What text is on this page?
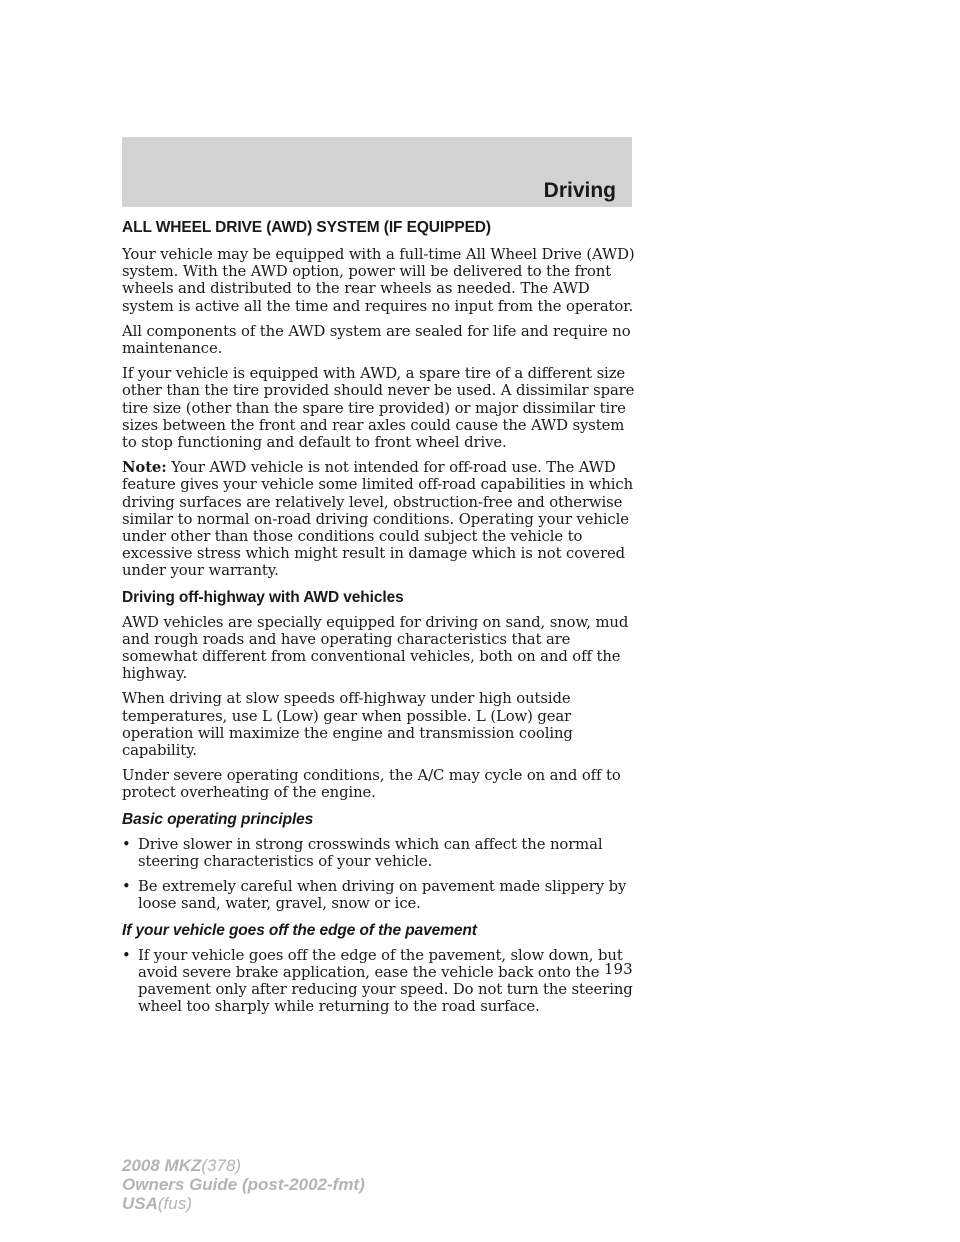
Driving
ALL WHEEL DRIVE (AWD) SYSTEM (IF EQUIPPED)

Your vehicle may be equipped with a full-time All Wheel Drive (AWD) system. With the AWD option, power will be delivered to the front wheels and distributed to the rear wheels as needed. The AWD system is active all the time and requires no input from the operator.

All components of the AWD system are sealed for life and require no maintenance.

If your vehicle is equipped with AWD, a spare tire of a different size other than the tire provided should never be used. A dissimilar spare tire size (other than the spare tire provided) or major dissimilar tire sizes between the front and rear axles could cause the AWD system to stop functioning and default to front wheel drive.

Note: Your AWD vehicle is not intended for off-road use. The AWD feature gives your vehicle some limited off-road capabilities in which driving surfaces are relatively level, obstruction-free and otherwise similar to normal on-road driving conditions. Operating your vehicle under other than those conditions could subject the vehicle to excessive stress which might result in damage which is not covered under your warranty.

Driving off-highway with AWD vehicles

AWD vehicles are specially equipped for driving on sand, snow, mud and rough roads and have operating characteristics that are somewhat different from conventional vehicles, both on and off the highway.

When driving at slow speeds off-highway under high outside temperatures, use L (Low) gear when possible. L (Low) gear operation will maximize the engine and transmission cooling capability.

Under severe operating conditions, the A/C may cycle on and off to protect overheating of the engine.

Basic operating principles
• Drive slower in strong crosswinds which can affect the normal steering characteristics of your vehicle.
• Be extremely careful when driving on pavement made slippery by loose sand, water, gravel, snow or ice.
If your vehicle goes off the edge of the pavement
• If your vehicle goes off the edge of the pavement, slow down, but avoid severe brake application, ease the vehicle back onto the pavement only after reducing your speed. Do not turn the steering wheel too sharply while returning to the road surface.
193
2008 MKZ(378)
Owners Guide (post-2002-fmt)
USA(fus)
